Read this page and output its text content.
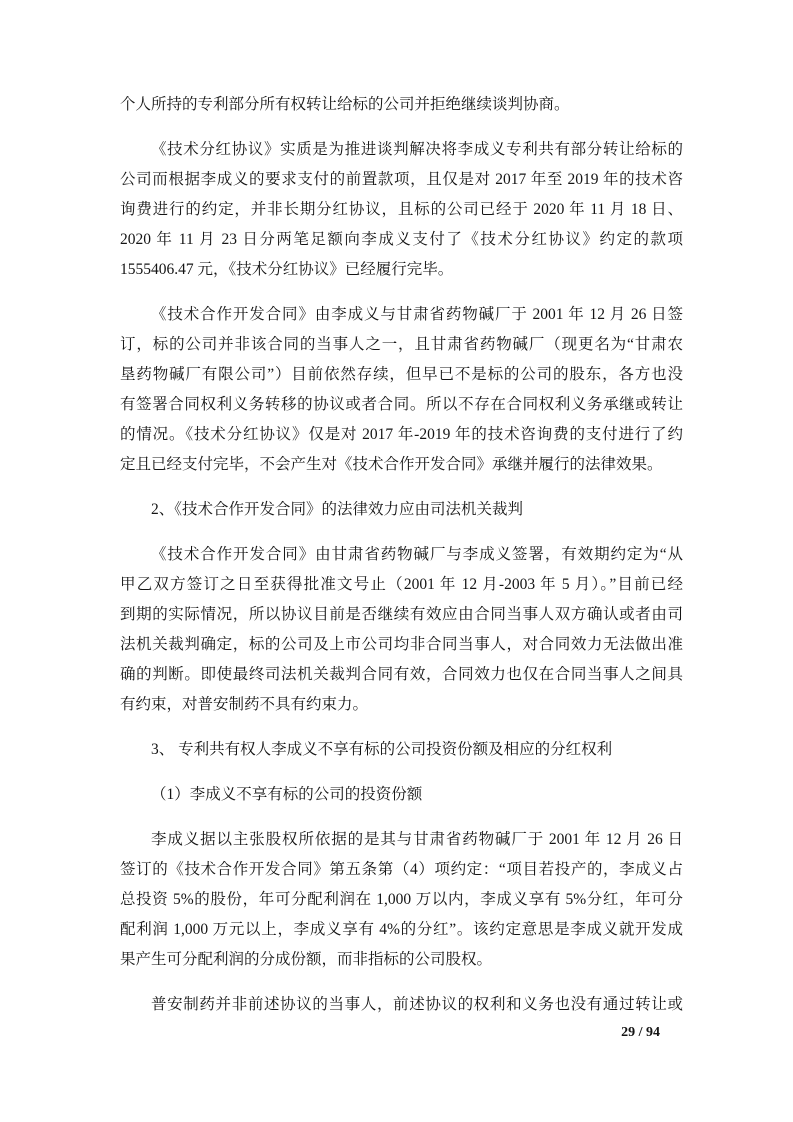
个人所持的专利部分所有权转让给标的公司并拒绝继续谈判协商。
《技术分红协议》实质是为推进谈判解决将李成义专利共有部分转让给标的
公司而根据李成义的要求支付的前置款项，且仅是对 2017 年至 2019 年的技术咨
询费进行的约定，并非长期分红协议，且标的公司已经于 2020 年 11 月 18 日、
2020 年 11 月 23 日分两笔足额向李成义支付了《技术分红协议》约定的款项
1555406.47 元，《技术分红协议》已经履行完毕。
《技术合作开发合同》由李成义与甘肃省药物碱厂于 2001 年 12 月 26 日签
订，标的公司并非该合同的当事人之一，且甘肃省药物碱厂（现更名为“甘肃农
垦药物碱厂有限公司”）目前依然存续，但早已不是标的公司的股东，各方也没
有签署合同权利义务转移的协议或者合同。所以不存在合同权利义务承继或转让
的情况。《技术分红协议》仅是对 2017 年-2019 年的技术咨询费的支付进行了约
定且已经支付完毕，不会产生对《技术合作开发合同》承继并履行的法律效果。
2、《技术合作开发合同》的法律效力应由司法机关裁判
《技术合作开发合同》由甘肃省药物碱厂与李成义签署，有效期约定为“从
甲乙双方签订之日至获得批准文号止（2001 年 12 月-2003 年 5 月）。”目前已经
到期的实际情况，所以协议目前是否继续有效应由合同当事人双方确认或者由司
法机关裁判确定，标的公司及上市公司均非合同当事人，对合同效力无法做出准
确的判断。即使最终司法机关裁判合同有效，合同效力也仅在合同当事人之间具
有约束，对普安制药不具有约束力。
3、 专利共有权人李成义不享有标的公司投资份额及相应的分红权利
（1）李成义不享有标的公司的投资份额
李成义据以主张股权所依据的是其与甘肃省药物碱厂于 2001 年 12 月 26 日
签订的《技术合作开发合同》第五条第（4）项约定：“项目若投产的，李成义占
总投资 5%的股份，年可分配利润在 1,000 万以内，李成义享有 5%分红，年可分
配利润 1,000 万元以上，李成义享有 4%的分红”。该约定意思是李成义就开发成
果产生可分配利润的分成份额，而非指标的公司股权。
普安制药并非前述协议的当事人，前述协议的权利和义务也没有通过转让或
29 / 94
